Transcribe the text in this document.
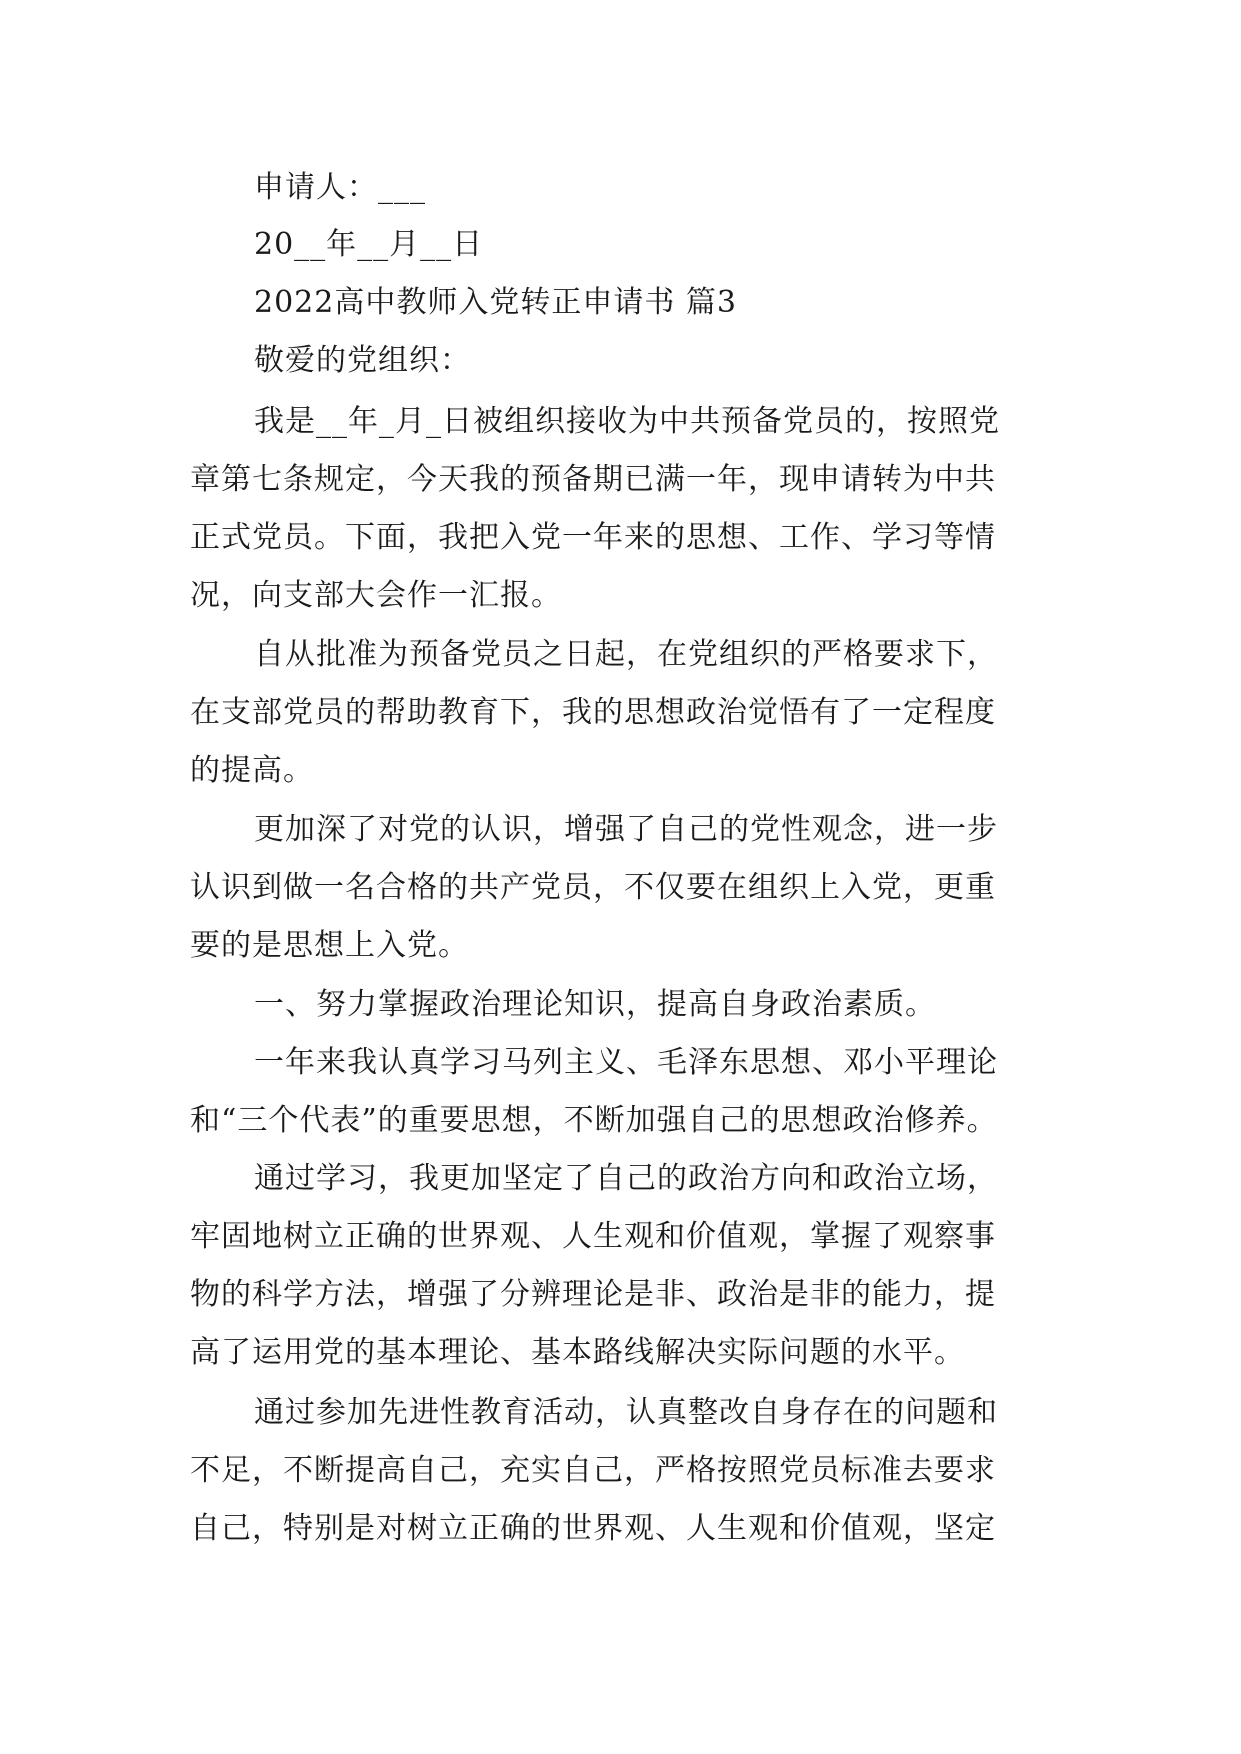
申请人：___
20__年__月__日
2022高中教师入党转正申请书 篇3
敬爱的党组织：
我是__年_月_日被组织接收为中共预备党员的，按照党
章第七条规定，今天我的预备期已满一年，现申请转为中共
正式党员。下面，我把入党一年来的思想、工作、学习等情
况，向支部大会作一汇报。
自从批准为预备党员之日起，在党组织的严格要求下，
在支部党员的帮助教育下，我的思想政治觉悟有了一定程度
的提高。
更加深了对党的认识，增强了自己的党性观念，进一步
认识到做一名合格的共产党员，不仅要在组织上入党，更重
要的是思想上入党。
一、努力掌握政治理论知识，提高自身政治素质。
一年来我认真学习马列主义、毛泽东思想、邓小平理论
和“三个代表”的重要思想，不断加强自己的思想政治修养。
通过学习，我更加坚定了自己的政治方向和政治立场，
牢固地树立正确的世界观、人生观和价值观，掌握了观察事
物的科学方法，增强了分辨理论是非、政治是非的能力，提
高了运用党的基本理论、基本路线解决实际问题的水平。
通过参加先进性教育活动，认真整改自身存在的问题和
不足，不断提高自己，充实自己，严格按照党员标准去要求
自己，特别是对树立正确的世界观、人生观和价值观，坚定
